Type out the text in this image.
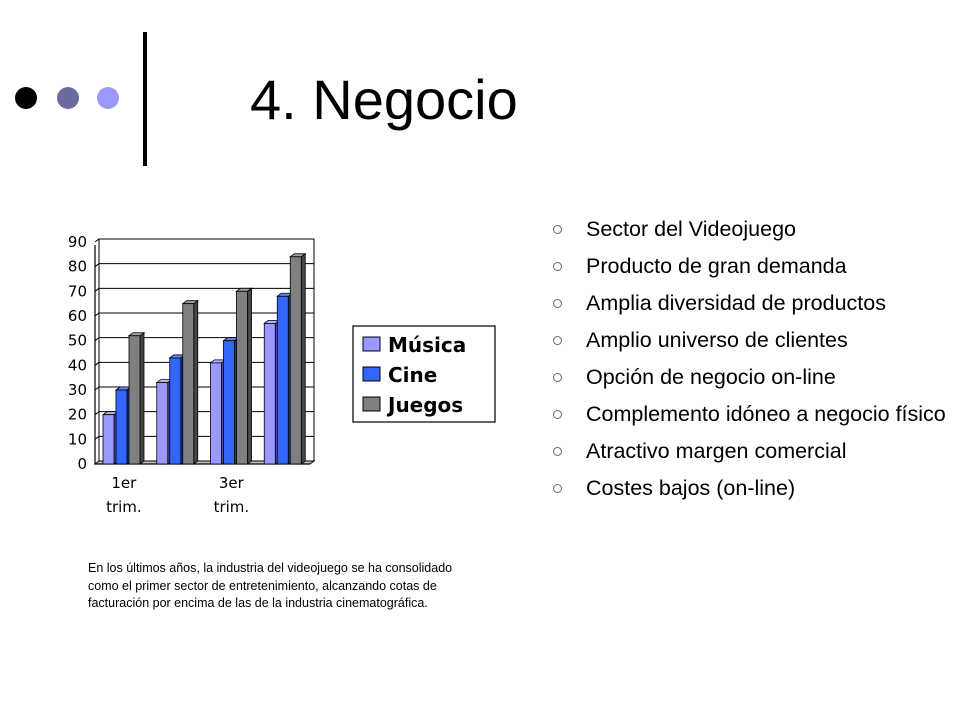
4. Negocio
0
10
20
30
40
50
60
70
80
90
1er
trim.
3er
trim.
Música
Cine
Juegos
Sector del Videojuego
Producto de gran demanda
Amplia diversidad de productos
Amplio universo de clientes
Opción de negocio on-line
Complemento idóneo a negocio físico
Atractivo margen comercial
Costes bajos (on-line)
En los últimos años, la industria del videojuego se ha consolidado como el primer sector de entretenimiento, alcanzando cotas de facturación por encima de las de la industria cinematográfica.
